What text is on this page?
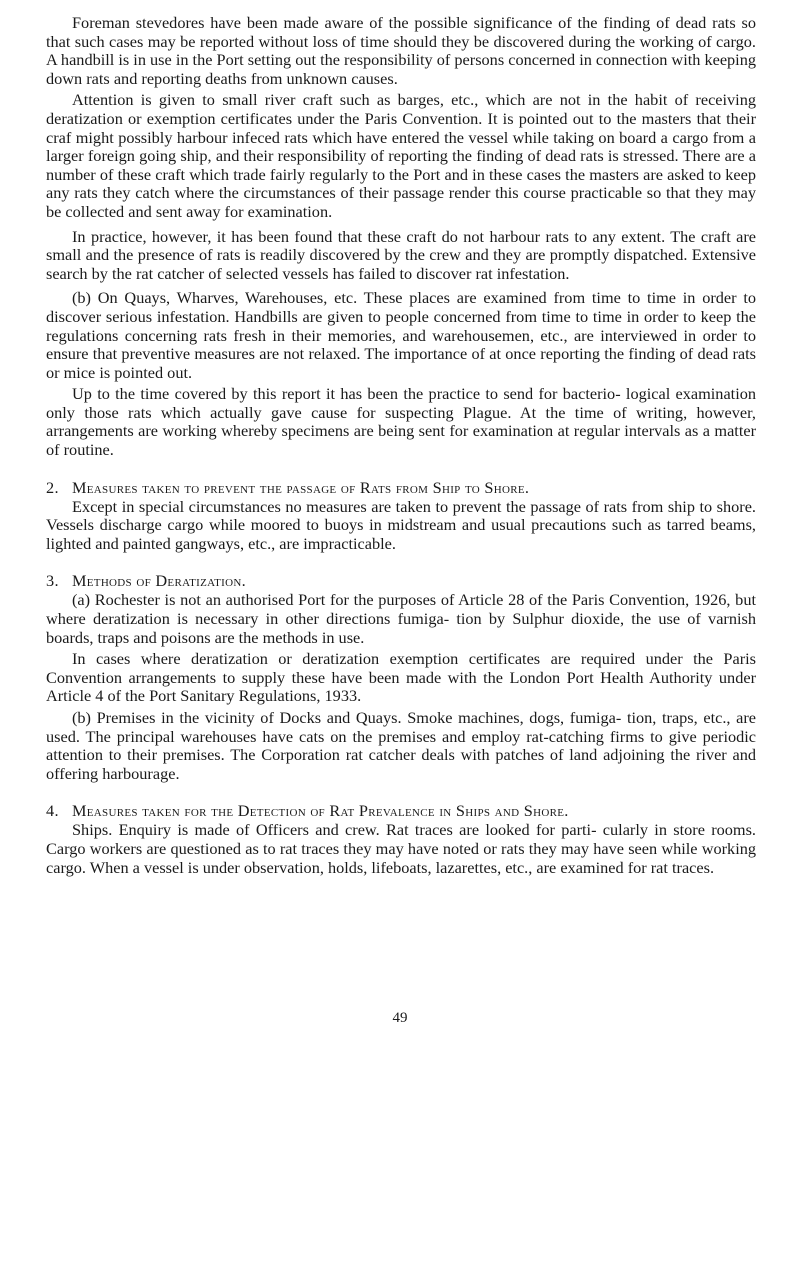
Foreman stevedores have been made aware of the possible significance of the finding of dead rats so that such cases may be reported without loss of time should they be discovered during the working of cargo. A handbill is in use in the Port setting out the responsibility of persons concerned in connection with keeping down rats and reporting deaths from unknown causes.

Attention is given to small river craft such as barges, etc., which are not in the habit of receiving deratization or exemption certificates under the Paris Convention. It is pointed out to the masters that their craf might possibly harbour infeced rats which have entered the vessel while taking on board a cargo from a larger foreign going ship, and their responsibility of reporting the finding of dead rats is stressed. There are a number of these craft which trade fairly regularly to the Port and in these cases the masters are asked to keep any rats they catch where the circumstances of their passage render this course practicable so that they may be collected and sent away for examination.

In practice, however, it has been found that these craft do not harbour rats to any extent. The craft are small and the presence of rats is readily discovered by the crew and they are promptly dispatched. Extensive search by the rat catcher of selected vessels has failed to discover rat infestation.

(b) On Quays, Wharves, Warehouses, etc. These places are examined from time to time in order to discover serious infestation. Handbills are given to people concerned from time to time in order to keep the regulations concerning rats fresh in their memories, and warehousemen, etc., are interviewed in order to ensure that preventive measures are not relaxed. The importance of at once reporting the finding of dead rats or mice is pointed out.

Up to the time covered by this report it has been the practice to send for bacterio- logical examination only those rats which actually gave cause for suspecting Plague. At the time of writing, however, arrangements are working whereby specimens are being sent for examination at regular intervals as a matter of routine.

2. Measures taken to prevent the passage of Rats from Ship to Shore.

Except in special circumstances no measures are taken to prevent the passage of rats from ship to shore. Vessels discharge cargo while moored to buoys in midstream and usual precautions such as tarred beams, lighted and painted gangways, etc., are impracticable.

3. Methods of Deratization.

(a) Rochester is not an authorised Port for the purposes of Article 28 of the Paris Convention, 1926, but where deratization is necessary in other directions fumiga- tion by Sulphur dioxide, the use of varnish boards, traps and poisons are the methods in use.

In cases where deratization or deratization exemption certificates are required under the Paris Convention arrangements to supply these have been made with the London Port Health Authority under Article 4 of the Port Sanitary Regulations, 1933.

(b) Premises in the vicinity of Docks and Quays. Smoke machines, dogs, fumiga- tion, traps, etc., are used. The principal warehouses have cats on the premises and employ rat-catching firms to give periodic attention to their premises. The Corporation rat catcher deals with patches of land adjoining the river and offering harbourage.

4. Measures taken for the Detection of Rat Prevalence in Ships and Shore.

Ships. Enquiry is made of Officers and crew. Rat traces are looked for parti- cularly in store rooms. Cargo workers are questioned as to rat traces they may have noted or rats they may have seen while working cargo. When a vessel is under observation, holds, lifeboats, lazarettes, etc., are examined for rat traces.

49
